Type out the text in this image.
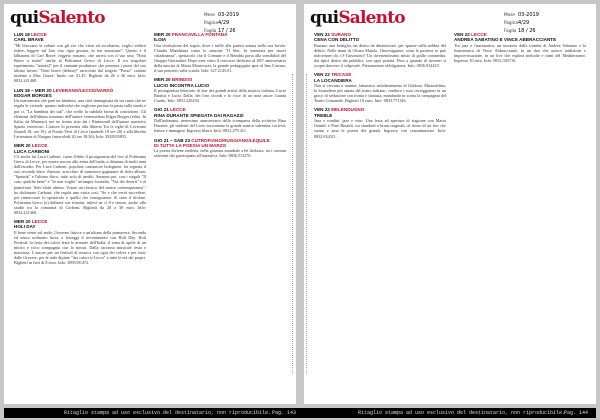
quiSalento	Mese 03-2019
Pagina4/29
Foglio 17 / 26
LUN 18 LECCE
CARL BRAVE
"Mi bloccano le rubine con gli zio che vieni ad ascoltarmi, voglio vederti ridere, leggere sul loro viso ogni gestura, in fon emozione". Questo è il lalbaunni di Carl Brave, reggeto romano, che arriva con il suo tour "Notti Brave a teatro" anche al Politeama Greco di Lecce. Il tra singolare esperimento "teatriz2" per il cantante produttore che presenta i pezzi del suo ultimo lavoro "Notti brave (deluxe)" arricchito dal singolo "Posso" cantato insieme a Max Gazzè. Inizio ore 21.45. Biglietti da 26 a 36 euro. Info: 0832.241468.
LUN 18 – MER 20 LEVERANO/LECCE/NARDÒ
EDGAR BORGES
Un matrimonio che pare un labirinto, una città immaginata da un canto che ne regala le vicende, quattro individui che vogliono portare la pasta sulla strada e poi ci, "La bambina dei sali", che svelle la subdola forma di costrizione. Gli elementi dell'ultimo romanzo dell'autore venezuelano Edgar Borges (edito. In Italia, da Marinari) nei tre fromo sino dai i Rinimondi dell'autore narrativo Spazio estrerioso. L'autore lo presenta alla libreria Tra le righe di Leverano (lunedì 18, ore 19), al Fondo Verri di Lecce (martedì 19 ore 20) e alla libreria Letteratura di Nuogno (mercoledì 20 ore 18.30). Info: 3928355835.
MER 20 LECCE
LUCA CARBONI
C'è anche lui Luca Carboni, cuore d'ebbe il protagonista del live al Politeama Greco di Lecce, per essere ancora allo zenta dell'onda, a distanza di molti anni dall'esordio. Per Luca Carboni, popolare cantautore bolognese, ha segnata il suo secondo disco d'amore, arricchito di numerose gagnantei di dolci album: "Sputnik" e l'ultimo disco, tutto solo di inediti. Saranno poi, con i singoli "Il caso qualche bene" e "Io non voglio" un'ampia locandia, "Via dei deserti" e al pianoforte. Solo sfatti ultimo. Votare un classico del nostro contemporaneo", ha dichiarato Carboni; che regala una visita così: "Se e che verrà succedere, per rintracciare lo spettacolo o quello che rinseguiamo. Si sono il titolare, Politeama Greco (o) dallaavì sue trinaìni: in(tesi ne c) 8 e tenore, anche allo studio tra la comunità di Carboni. Biglietti da 20 a 38 euro. Info: 0832.241468.
MER 20 LECCE
HOLI DAY
Il bene viene sul mole, l'inverno finisce a un'ultima della primavera. Seconda ed unico ordinario lucia, a festeggi il avvenimento con Holi Day. Holi Festival, la festa dei colori festa le armarie dell'India, il tema di aprile di un mitico e ricco compagnia con la nostra. Dalla carcassa musicale festa e maestosa. L'autore per un festival di musica con ogni dei colori e per tutti, dalle Grevere, per le mile dipinte "dai colori si Lecce" a tutte le età dei propri. Biglietti in fieri di 8 euro. Info: 3893391472.
MER 20 FRANCAVILLA FONTANA
ILOIA
Una rivoluzione del sogno, dove i ruffle alla partita venuta nella sua favola. Claudia Mandriana canta la canzone "Il bloc. In memoria per nuovi cittadinanza", spettacolo che il Comune e il Brindisi porta alla sensibilità del Gruppo Giornalisti. Dopo aver vinto il concorso dedicato al 100° anniversario della nascita di Maria Montessori, la grande pedagogista apre al San Cosimo, il suo pensiero sulla scuola. Info: 327.2145.01.
MER 20 BRINDISI
LUCIO INCONTRA LUCIO
Il protagonista letterario di due dei grandi artisti della musica italiana, Lucio Battisti e Lucio Dalla, dei loro ricordi e la voce di un noto attore Gianni Ciardo. Info: 0831.229230.
GIO 21 LECCE
RINA DURANTE SPIEGATA DAI RAGAZZI
Dall'indomani, trentesimo anniversario della scomparsa della scrittrice Rina Durante, gli studenti del Liceo raccontano la grande autrice salentina, tra testi, letture e immagini. Ingresso libero. Info: 0832.279.411.
GIO 21 – SAB 23 CUTROFIANO/RUGGIANO/LEQUILE
DI TUTTA LA POESIA UN MARZO
La poesia diviene staffetta, nella giornata mondiale a lei dedicata, tra i comuni salentini che partecipano all'iniziativa. Info: 0836.513276.
quiSalento	Mese 03-2019
Pagina4/29
Foglio 18 / 26
VEN 22 SURANO
CENA CON DELITTO
Bastano una bottiglia, un dietro da dimenticare, per sparire nella nebbia del delitto. Nelle mani di Chiara Maiolo, l'investigatore, sotto la pastiera se può indovinare chi c'è l'assassino? Un divertentissimo misto di giallo commedia, dai tipici dietro dai pubblici, con ogni portata. Fino a quando di inverno si scopre davvero il colpevole. Prenotazione obbligatoria. Info: 0836.914419.
VEN 22 TRICASE
LA LOCANDIERA
Non si cercano o uomini, fantastico un'adattamento di Goldoni: Mirandolina, la locandiera più amata del teatro italiano, conduce i suoi corteggiatori in un gioco di seduzione con ironia e fantasia, mandando in scena la compagnia del Teatro Comunale. Biglietti 10 euro. Info: 0833.771146.
VEN 22 MELENDUGNO
TREBLE
Jazz e rondini, jazz e vino. Una festa ad apertura di stagione con Mario Gentile e Pino Rinaldi, tra standard e brani originali, al ritmo di un trio che suona e ama la poesia dei grandi. Ingresso con consumazione. Info: 0832.834311.
VEN 22 LECCE
ANDREA SABATINO E VINCE ABBRACCIANTE
Tra jazz e fisarmonica, un incontro dalla tromba di Andrea Sabatino e la fisarmonica di Vince Abbracciante, in un duo che unisce tradizione e improvvisazione, in un live che esplora melodie e ritmi del Mediterraneo. Ingresso 10 euro. Info: 0832.303716.
Ritaglio stampa ad uso esclusivo del destinatario, non riproducibile. Pag. 143	Ritaglio stampa ad uso esclusivo del destinatario, non riproducibile.
Pag. 144
